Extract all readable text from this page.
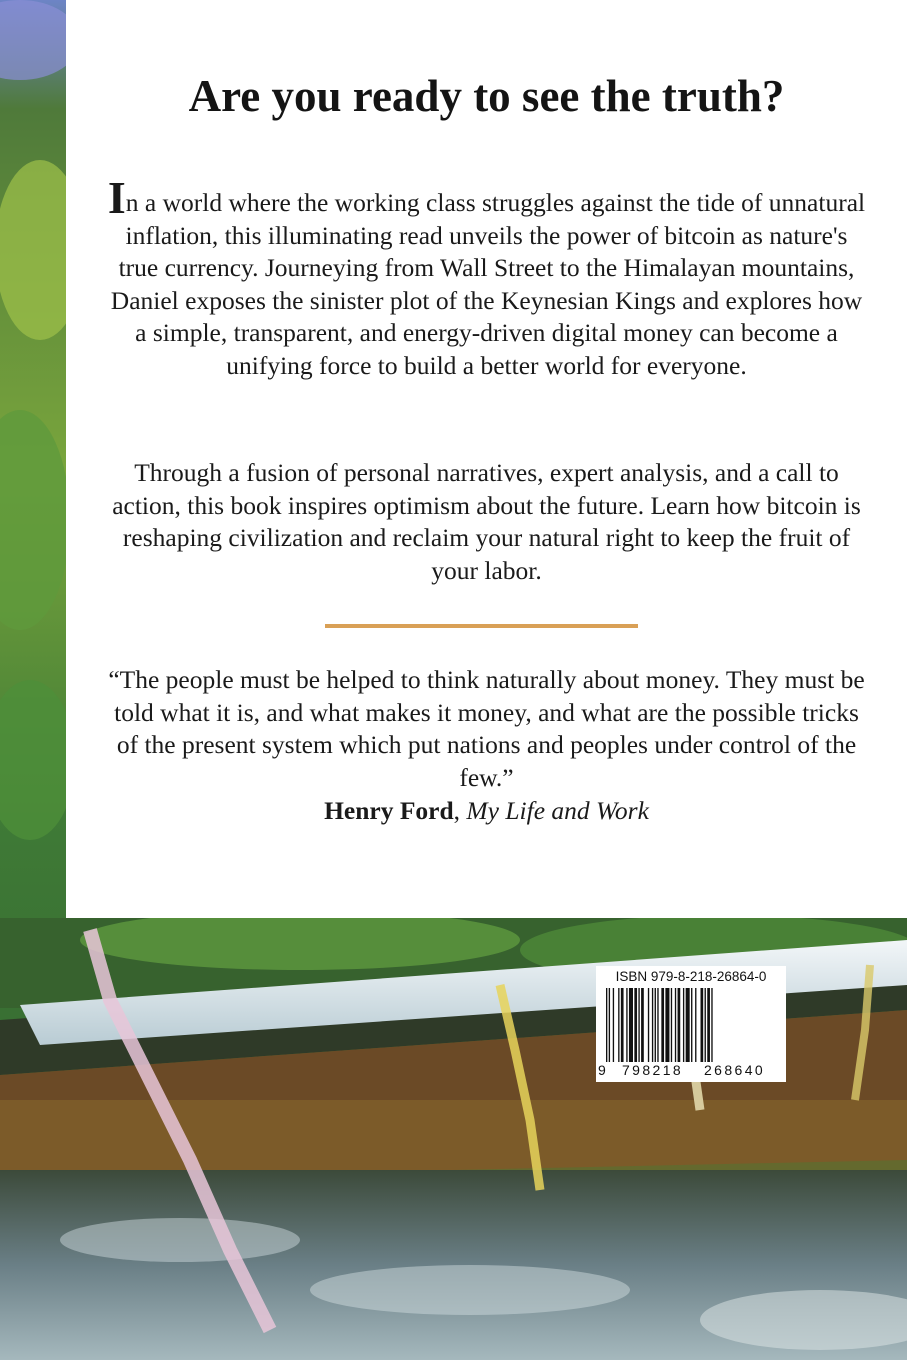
Are you ready to see the truth?

In a world where the working class struggles against the tide of unnatural inflation, this illuminating read unveils the power of bitcoin as nature's true currency. Journeying from Wall Street to the Himalayan mountains, Daniel exposes the sinister plot of the Keynesian Kings and explores how a simple, transparent, and energy-driven digital money can become a unifying force to build a better world for everyone.

Through a fusion of personal narratives, expert analysis, and a call to action, this book inspires optimism about the future. Learn how bitcoin is reshaping civilization and reclaim your natural right to keep the fruit of your labor.

“The people must be helped to think naturally about money. They must be told what it is, and what makes it money, and what are the possible tricks of the present system which put nations and peoples under control of the few.”

Henry Ford, My Life and Work

ISBN 979-8-218-26864-0
9 798218 268640
